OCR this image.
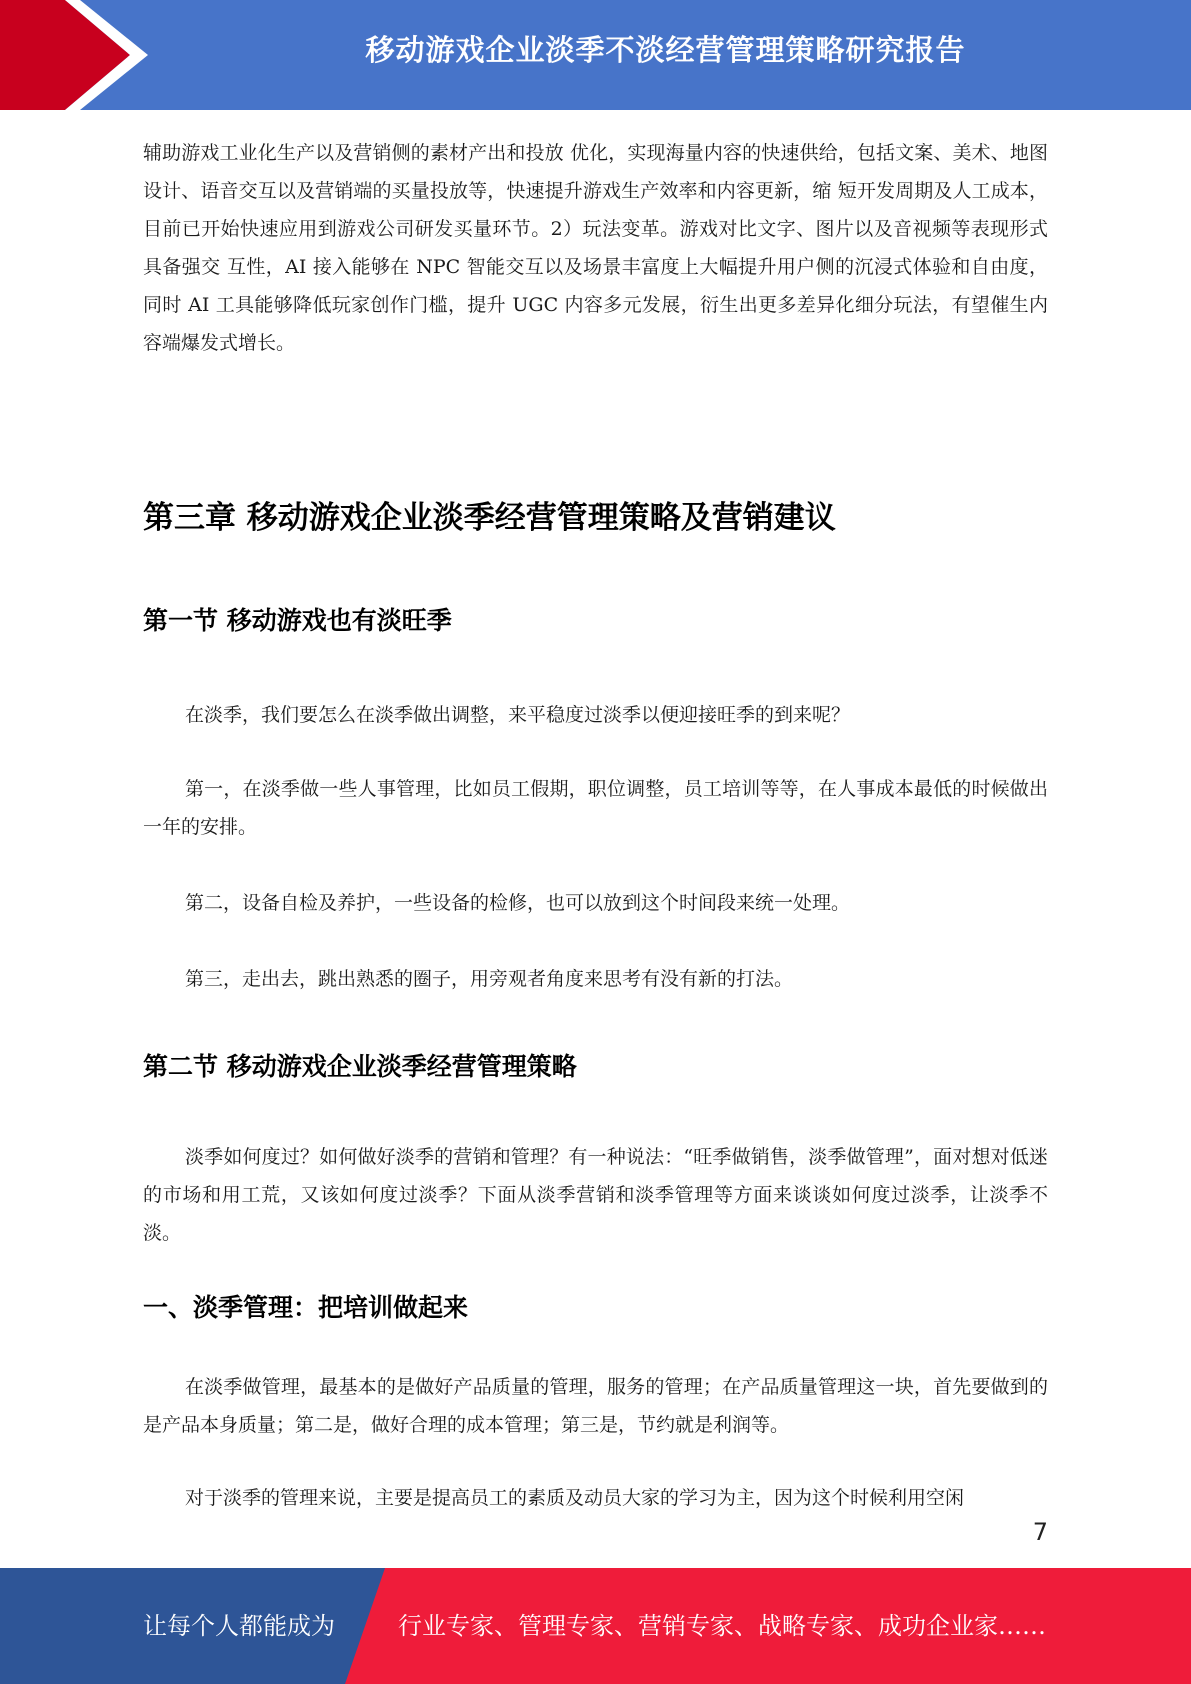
移动游戏企业淡季不淡经营管理策略研究报告

辅助游戏工业化生产以及营销侧的素材产出和投放 优化，实现海量内容的快速供给，包括文案、美术、地图设计、语音交互以及营销端的买量投放等，快速提升游戏生产效率和内容更新，缩 短开发周期及人工成本，目前已开始快速应用到游戏公司研发买量环节。2）玩法变革。游戏对比文字、图片以及音视频等表现形式具备强交 互性，AI 接入能够在 NPC 智能交互以及场景丰富度上大幅提升用户侧的沉浸式体验和自由度， 同时 AI 工具能够降低玩家创作门槛，提升 UGC 内容多元发展，衍生出更多差异化细分玩法，有望催生内容端爆发式增长。

第三章 移动游戏企业淡季经营管理策略及营销建议
第一节 移动游戏也有淡旺季

在淡季，我们要怎么在淡季做出调整，来平稳度过淡季以便迎接旺季的到来呢？

第一，在淡季做一些人事管理，比如员工假期，职位调整，员工培训等等，在人事成本最低的时候做出一年的安排。

第二，设备自检及养护，一些设备的检修，也可以放到这个时间段来统一处理。

第三，走出去，跳出熟悉的圈子，用旁观者角度来思考有没有新的打法。

第二节 移动游戏企业淡季经营管理策略

淡季如何度过？如何做好淡季的营销和管理？有一种说法：“旺季做销售，淡季做管理”，面对想对低迷的市场和用工荒，又该如何度过淡季？下面从淡季营销和淡季管理等方面来谈谈如何度过淡季，让淡季不淡。

一、淡季管理：把培训做起来

在淡季做管理，最基本的是做好产品质量的管理，服务的管理；在产品质量管理这一块，首先要做到的是产品本身质量；第二是，做好合理的成本管理；第三是，节约就是利润等。

对于淡季的管理来说，主要是提高员工的素质及动员大家的学习为主，因为这个时候利用空闲

7
让每个人都能成为	行业专家、管理专家、营销专家、战略专家、成功企业家……
